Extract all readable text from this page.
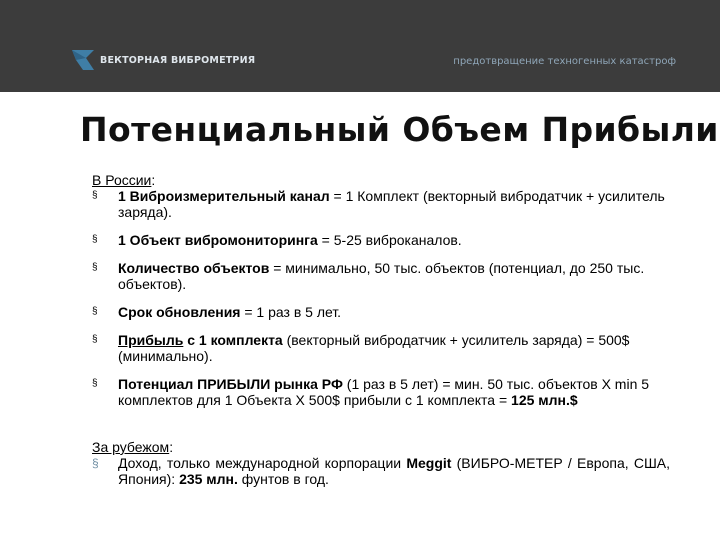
ВЕКТОРНАЯ ВИБРОМЕТРИЯ	предотвращение техногенных катастроф
Потенциальный Объем Прибыли

В России:

§ 1 Виброизмерительный канал = 1 Комплект (векторный вибродатчик + усилитель заряда).
§ 1 Объект вибромониторинга = 5-25 виброканалов.
§ Количество объектов = минимально, 50 тыс. объектов (потенциал, до 250 тыс. объектов).
§ Срок обновления = 1 раз в 5 лет.
§ Прибыль с 1 комплекта (векторный вибродатчик + усилитель заряда) = 500$ (минимально).
§ Потенциал ПРИБЫЛИ рынка РФ (1 раз в 5 лет) = мин. 50 тыс. объектов X min 5 комплектов для 1 Объекта X 500$ прибыли с 1 комплекта = 125 млн.$

За рубежом:

§ Доход, только международной корпорации Meggit (ВИБРО-МЕТЕР / Европа, США, Япония): 235 млн. фунтов в год.
